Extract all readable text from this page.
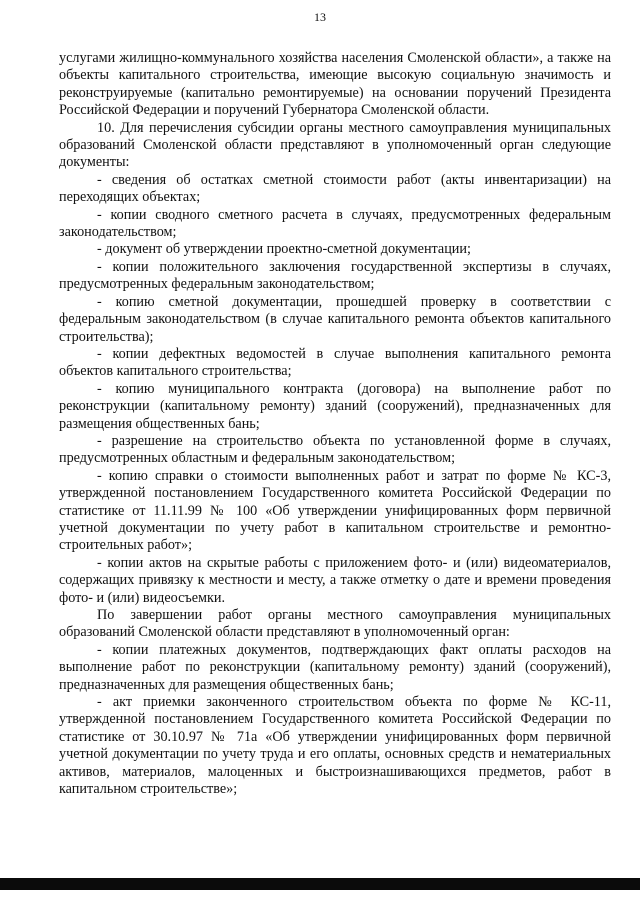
13

услугами жилищно-коммунального хозяйства населения Смоленской области», а также на объекты капитального строительства, имеющие высокую социальную значимость и реконструируемые (капитально ремонтируемые) на основании поручений Президента Российской Федерации и поручений Губернатора Смоленской области.

10. Для перечисления субсидии органы местного самоуправления муниципальных образований Смоленской области представляют в уполномоченный орган следующие документы:

- сведения об остатках сметной стоимости работ (акты инвентаризации) на переходящих объектах;

- копии сводного сметного расчета в случаях, предусмотренных федеральным законодательством;

- документ об утверждении проектно-сметной документации;

- копии положительного заключения государственной экспертизы в случаях, предусмотренных федеральным законодательством;

- копию сметной документации, прошедшей проверку в соответствии с федеральным законодательством (в случае капитального ремонта объектов капитального строительства);

- копии дефектных ведомостей в случае выполнения капитального ремонта объектов капитального строительства;

- копию муниципального контракта (договора) на выполнение работ по реконструкции (капитальному ремонту) зданий (сооружений), предназначенных для размещения общественных бань;

- разрешение на строительство объекта по установленной форме в случаях, предусмотренных областным и федеральным законодательством;

- копию справки о стоимости выполненных работ и затрат по форме № КС-3, утвержденной постановлением Государственного комитета Российской Федерации по статистике от 11.11.99 № 100 «Об утверждении унифицированных форм первичной учетной документации по учету работ в капитальном строительстве и ремонтно-строительных работ»;

- копии актов на скрытые работы с приложением фото- и (или) видеоматериалов, содержащих привязку к местности и месту, а также отметку о дате и времени проведения фото- и (или) видеосъемки.

По завершении работ органы местного самоуправления муниципальных образований Смоленской области представляют в уполномоченный орган:

- копии платежных документов, подтверждающих факт оплаты расходов на выполнение работ по реконструкции (капитальному ремонту) зданий (сооружений), предназначенных для размещения общественных бань;

- акт приемки законченного строительством объекта по форме № КС-11, утвержденной постановлением Государственного комитета Российской Федерации по статистике от 30.10.97 № 71а «Об утверждении унифицированных форм первичной учетной документации по учету труда и его оплаты, основных средств и нематериальных активов, материалов, малоценных и быстроизнашивающихся предметов, работ в капитальном строительстве»;
